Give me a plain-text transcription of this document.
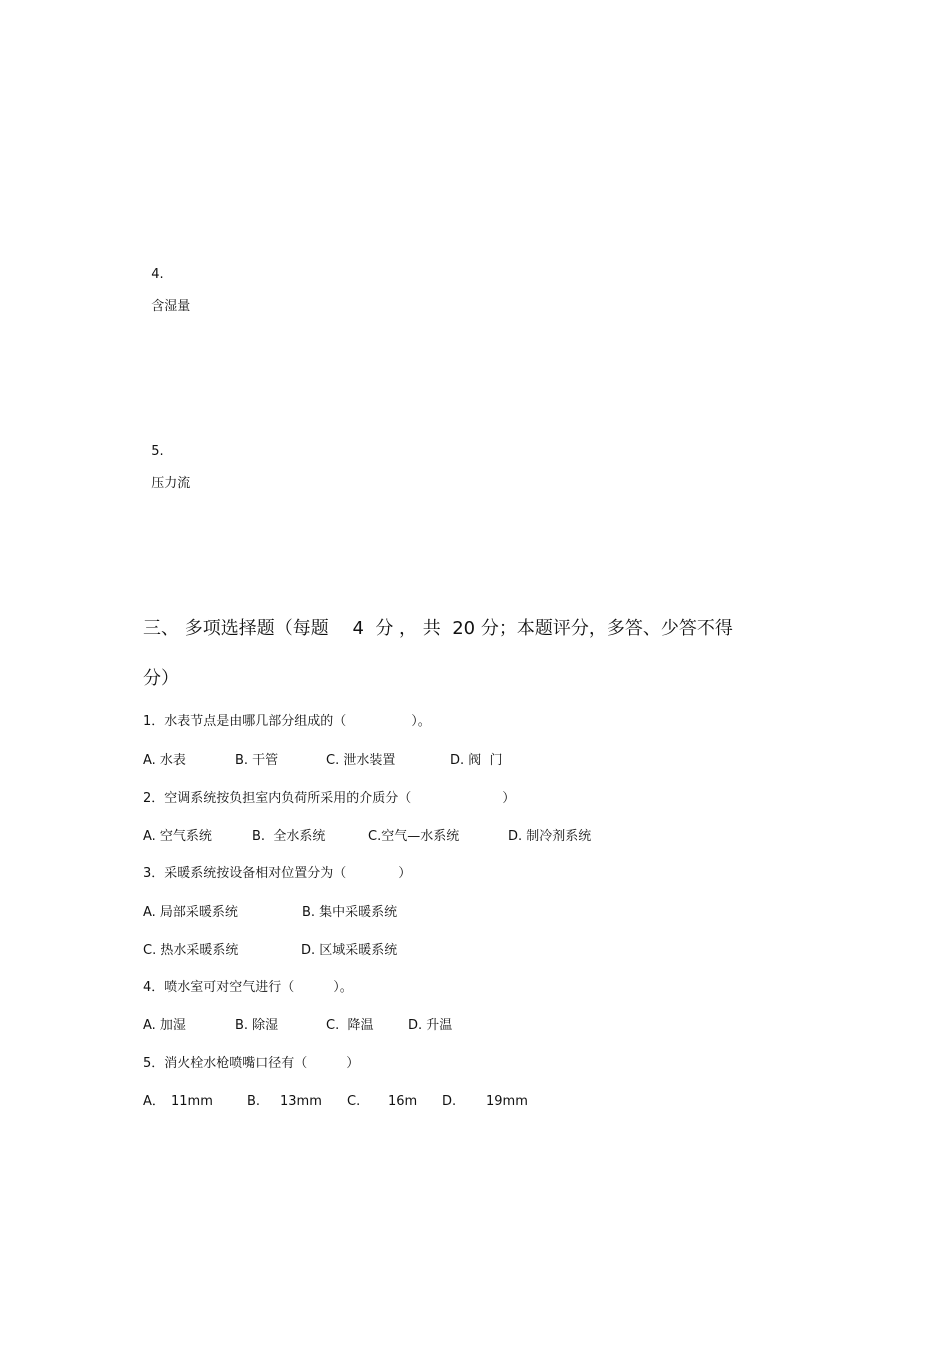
4.

含湿量

5.

压力流

三、 多项选择题（每题　 4  分 ， 共  20 分；本题评分，多答、少答不得
分）
1．水表节点是由哪几部分组成的（　　　　　）。
A. 水表	B. 干管	C. 泄水装置	D. 阀  门
2．空调系统按负担室内负荷所采用的介质分（　　　　　　　）
A. 空气系统	B.  全水系统	C.空气—水系统	D. 制冷剂系统
3．采暖系统按设备相对位置分为（　　　　）
A. 局部采暖系统	B. 集中采暖系统
C. 热水采暖系统	D. 区域采暖系统
4．喷水室可对空气进行（　　　）。
A. 加湿	B. 除湿	C.  降温	D. 升温
5．消火栓水枪喷嘴口径有（　　　）
A． 11mm	B. 13mm C. 16m D. 19mm
